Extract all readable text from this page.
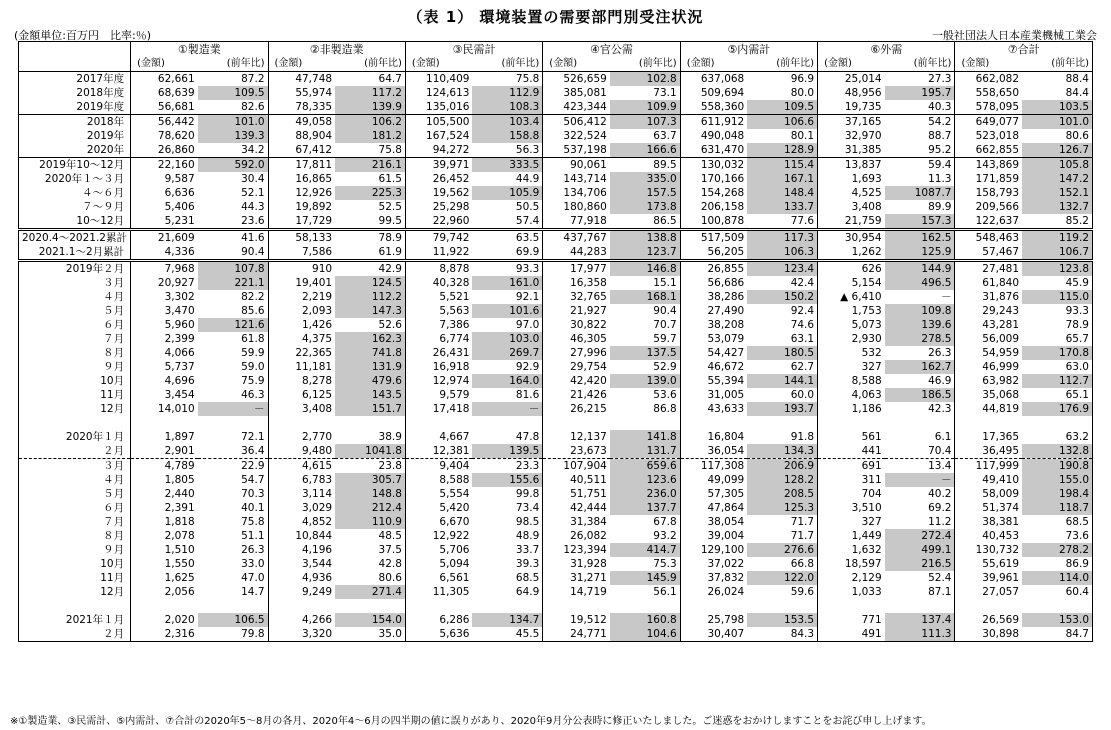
（表 1） 環境装置の需要部門別受注状況
(金額単位:百万円　比率:％)	一般社団法人日本産業機械工業会
	①製造業		②非製造業		③民需計		④官公需		⑤内需計		⑥外需		⑦合計	
	(金額)	(前年比)	(金額)	(前年比)	(金額)	(前年比)	(金額)	(前年比)	(金額)	(前年比)	(金額)	(前年比)	(金額)	(前年比)
2017年度	62,661	87.2	47,748	64.7	110,409	75.8	526,659	102.8	637,068	96.9	25,014	27.3	662,082	88.4
2018年度	68,639	109.5	55,974	117.2	124,613	112.9	385,081	73.1	509,694	80.0	48,956	195.7	558,650	84.4
2019年度	56,681	82.6	78,335	139.9	135,016	108.3	423,344	109.9	558,360	109.5	19,735	40.3	578,095	103.5
2018年	56,442	101.0	49,058	106.2	105,500	103.4	506,412	107.3	611,912	106.6	37,165	54.2	649,077	101.0
2019年	78,620	139.3	88,904	181.2	167,524	158.8	322,524	63.7	490,048	80.1	32,970	88.7	523,018	80.6
2020年	26,860	34.2	67,412	75.8	94,272	56.3	537,198	166.6	631,470	128.9	31,385	95.2	662,855	126.7
2019年10～12月	22,160	592.0	17,811	216.1	39,971	333.5	90,061	89.5	130,032	115.4	13,837	59.4	143,869	105.8
2020年１～３月	9,587	30.4	16,865	61.5	26,452	44.9	143,714	335.0	170,166	167.1	1,693	11.3	171,859	147.2
４～６月	6,636	52.1	12,926	225.3	19,562	105.9	134,706	157.5	154,268	148.4	4,525	1087.7	158,793	152.1
７～９月	5,406	44.3	19,892	52.5	25,298	50.5	180,860	173.8	206,158	133.7	3,408	89.9	209,566	132.7
10～12月	5,231	23.6	17,729	99.5	22,960	57.4	77,918	86.5	100,878	77.6	21,759	157.3	122,637	85.2
2020.4～2021.2累計	21,609	41.6	58,133	78.9	79,742	63.5	437,767	138.8	517,509	117.3	30,954	162.5	548,463	119.2
2021.1～2月累計	4,336	90.4	7,586	61.9	11,922	69.9	44,283	123.7	56,205	106.3	1,262	125.9	57,467	106.7
2019年２月	7,968	107.8	910	42.9	8,878	93.3	17,977	146.8	26,855	123.4	626	144.9	27,481	123.8
３月	20,927	221.1	19,401	124.5	40,328	161.0	16,358	15.1	56,686	42.4	5,154	496.5	61,840	45.9
４月	3,302	82.2	2,219	112.2	5,521	92.1	32,765	168.1	38,286	150.2	▲ 6,410	－	31,876	115.0
５月	3,470	85.6	2,093	147.3	5,563	101.6	21,927	90.4	27,490	92.4	1,753	109.8	29,243	93.3
６月	5,960	121.6	1,426	52.6	7,386	97.0	30,822	70.7	38,208	74.6	5,073	139.6	43,281	78.9
７月	2,399	61.8	4,375	162.3	6,774	103.0	46,305	59.7	53,079	63.1	2,930	278.5	56,009	65.7
８月	4,066	59.9	22,365	741.8	26,431	269.7	27,996	137.5	54,427	180.5	532	26.3	54,959	170.8
９月	5,737	59.0	11,181	131.9	16,918	92.9	29,754	52.9	46,672	62.7	327	162.7	46,999	63.0
10月	4,696	75.9	8,278	479.6	12,974	164.0	42,420	139.0	55,394	144.1	8,588	46.9	63,982	112.7
11月	3,454	46.3	6,125	143.5	9,579	81.6	21,426	53.6	31,005	60.0	4,063	186.5	35,068	65.1
12月	14,010	－	3,408	151.7	17,418	－	26,215	86.8	43,633	193.7	1,186	42.3	44,819	176.9

2020年１月	1,897	72.1	2,770	38.9	4,667	47.8	12,137	141.8	16,804	91.8	561	6.1	17,365	63.2
２月	2,901	36.4	9,480	1041.8	12,381	139.5	23,673	131.7	36,054	134.3	441	70.4	36,495	132.8
３月	4,789	22.9	4,615	23.8	9,404	23.3	107,904	659.6	117,308	206.9	691	13.4	117,999	190.8
４月	1,805	54.7	6,783	305.7	8,588	155.6	40,511	123.6	49,099	128.2	311	－	49,410	155.0
５月	2,440	70.3	3,114	148.8	5,554	99.8	51,751	236.0	57,305	208.5	704	40.2	58,009	198.4
６月	2,391	40.1	3,029	212.4	5,420	73.4	42,444	137.7	47,864	125.3	3,510	69.2	51,374	118.7
７月	1,818	75.8	4,852	110.9	6,670	98.5	31,384	67.8	38,054	71.7	327	11.2	38,381	68.5
８月	2,078	51.1	10,844	48.5	12,922	48.9	26,082	93.2	39,004	71.7	1,449	272.4	40,453	73.6
９月	1,510	26.3	4,196	37.5	5,706	33.7	123,394	414.7	129,100	276.6	1,632	499.1	130,732	278.2
10月	1,550	33.0	3,544	42.8	5,094	39.3	31,928	75.3	37,022	66.8	18,597	216.5	55,619	86.9
11月	1,625	47.0	4,936	80.6	6,561	68.5	31,271	145.9	37,832	122.0	2,129	52.4	39,961	114.0
12月	2,056	14.7	9,249	271.4	11,305	64.9	14,719	56.1	26,024	59.6	1,033	87.1	27,057	60.4

2021年１月	2,020	106.5	4,266	154.0	6,286	134.7	19,512	160.8	25,798	153.5	771	137.4	26,569	153.0
２月	2,316	79.8	3,320	35.0	5,636	45.5	24,771	104.6	30,407	84.3	491	111.3	30,898	84.7
※①製造業、③民需計、⑤内需計、⑦合計の2020年5～8月の各月、2020年4～6月の四半期の値に誤りがあり、2020年9月分公表時に修正いたしました。ご迷惑をおかけしますことをお詫び申し上げます。
